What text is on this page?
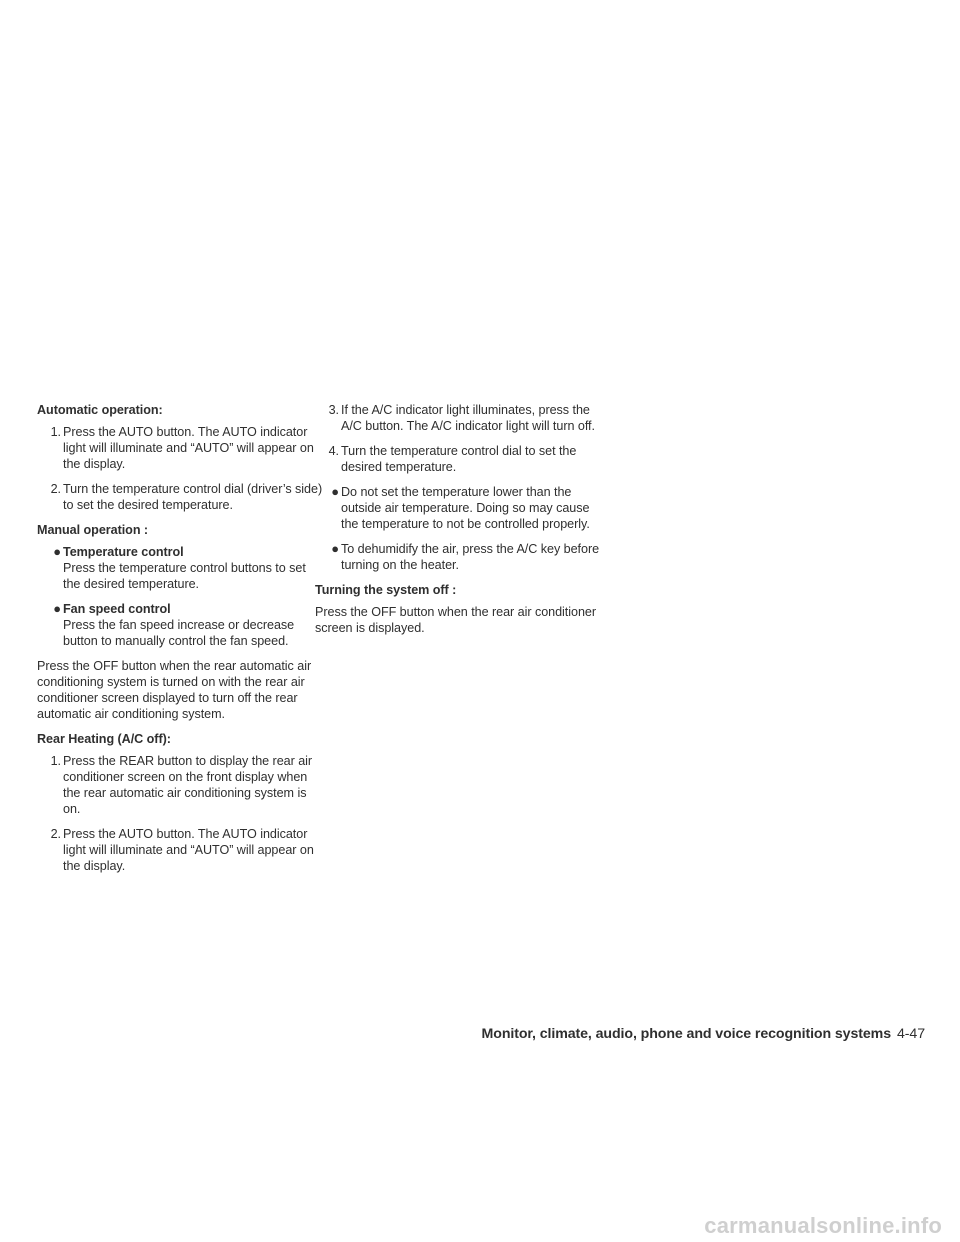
Automatic operation:
1. Press the AUTO button. The AUTO indicator light will illuminate and “AUTO” will appear on the display.
2. Turn the temperature control dial (driver’s side) to set the desired temperature.
Manual operation :
● Temperature control
Press the temperature control buttons to set the desired temperature.
● Fan speed control
Press the fan speed increase or decrease button to manually control the fan speed.
Press the OFF button when the rear automatic air conditioning system is turned on with the rear air conditioner screen displayed to turn off the rear automatic air conditioning system.
Rear Heating (A/C off):
1. Press the REAR button to display the rear air conditioner screen on the front display when the rear automatic air conditioning system is on.
2. Press the AUTO button. The AUTO indicator light will illuminate and “AUTO” will appear on the display.
3. If the A/C indicator light illuminates, press the A/C button. The A/C indicator light will turn off.
4. Turn the temperature control dial to set the desired temperature.
● Do not set the temperature lower than the outside air temperature. Doing so may cause the temperature to not be controlled properly.
● To dehumidify the air, press the A/C key before turning on the heater.
Turning the system off :
Press the OFF button when the rear air conditioner screen is displayed.
Monitor, climate, audio, phone and voice recognition systems 4-47
carmanualsonline.info
